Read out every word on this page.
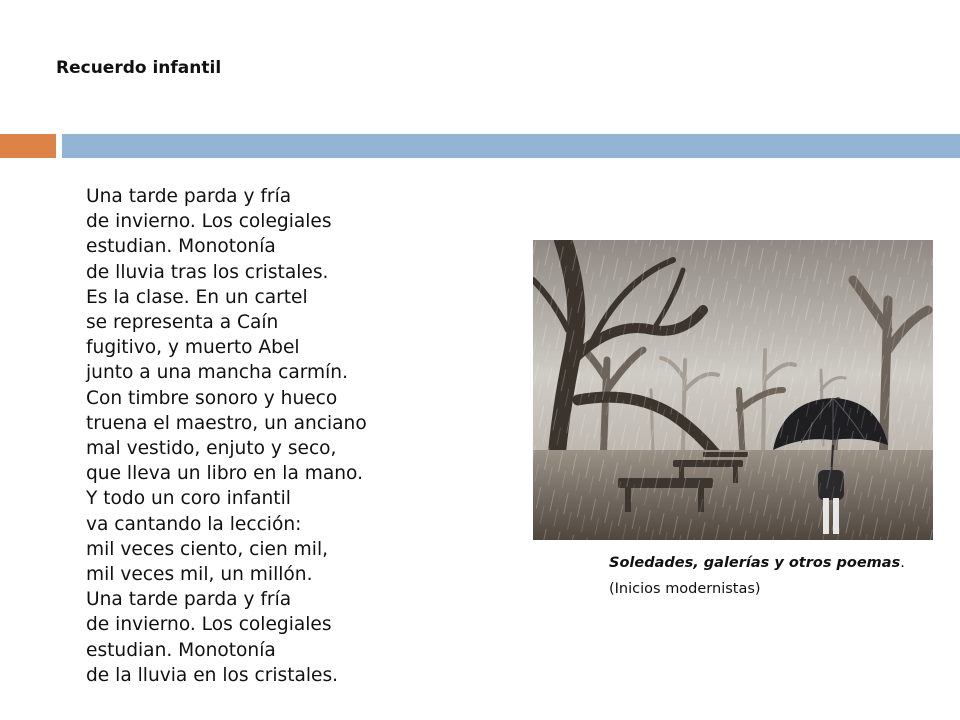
Recuerdo infantil
Una tarde parda y fría
de invierno. Los colegiales
estudian. Monotonía
de lluvia tras los cristales.
Es la clase. En un cartel
se representa a Caín
fugitivo, y muerto Abel
junto a una mancha carmín.
Con timbre sonoro y hueco
truena el maestro, un anciano
mal vestido, enjuto y seco,
que lleva un libro en la mano.
Y todo un coro infantil
va cantando la lección:
mil veces ciento, cien mil,
mil veces mil, un millón.
Una tarde parda y fría
de invierno. Los colegiales
estudian. Monotonía
de la lluvia en los cristales.
Soledades, galerías y otros poemas.
(Inicios modernistas)
